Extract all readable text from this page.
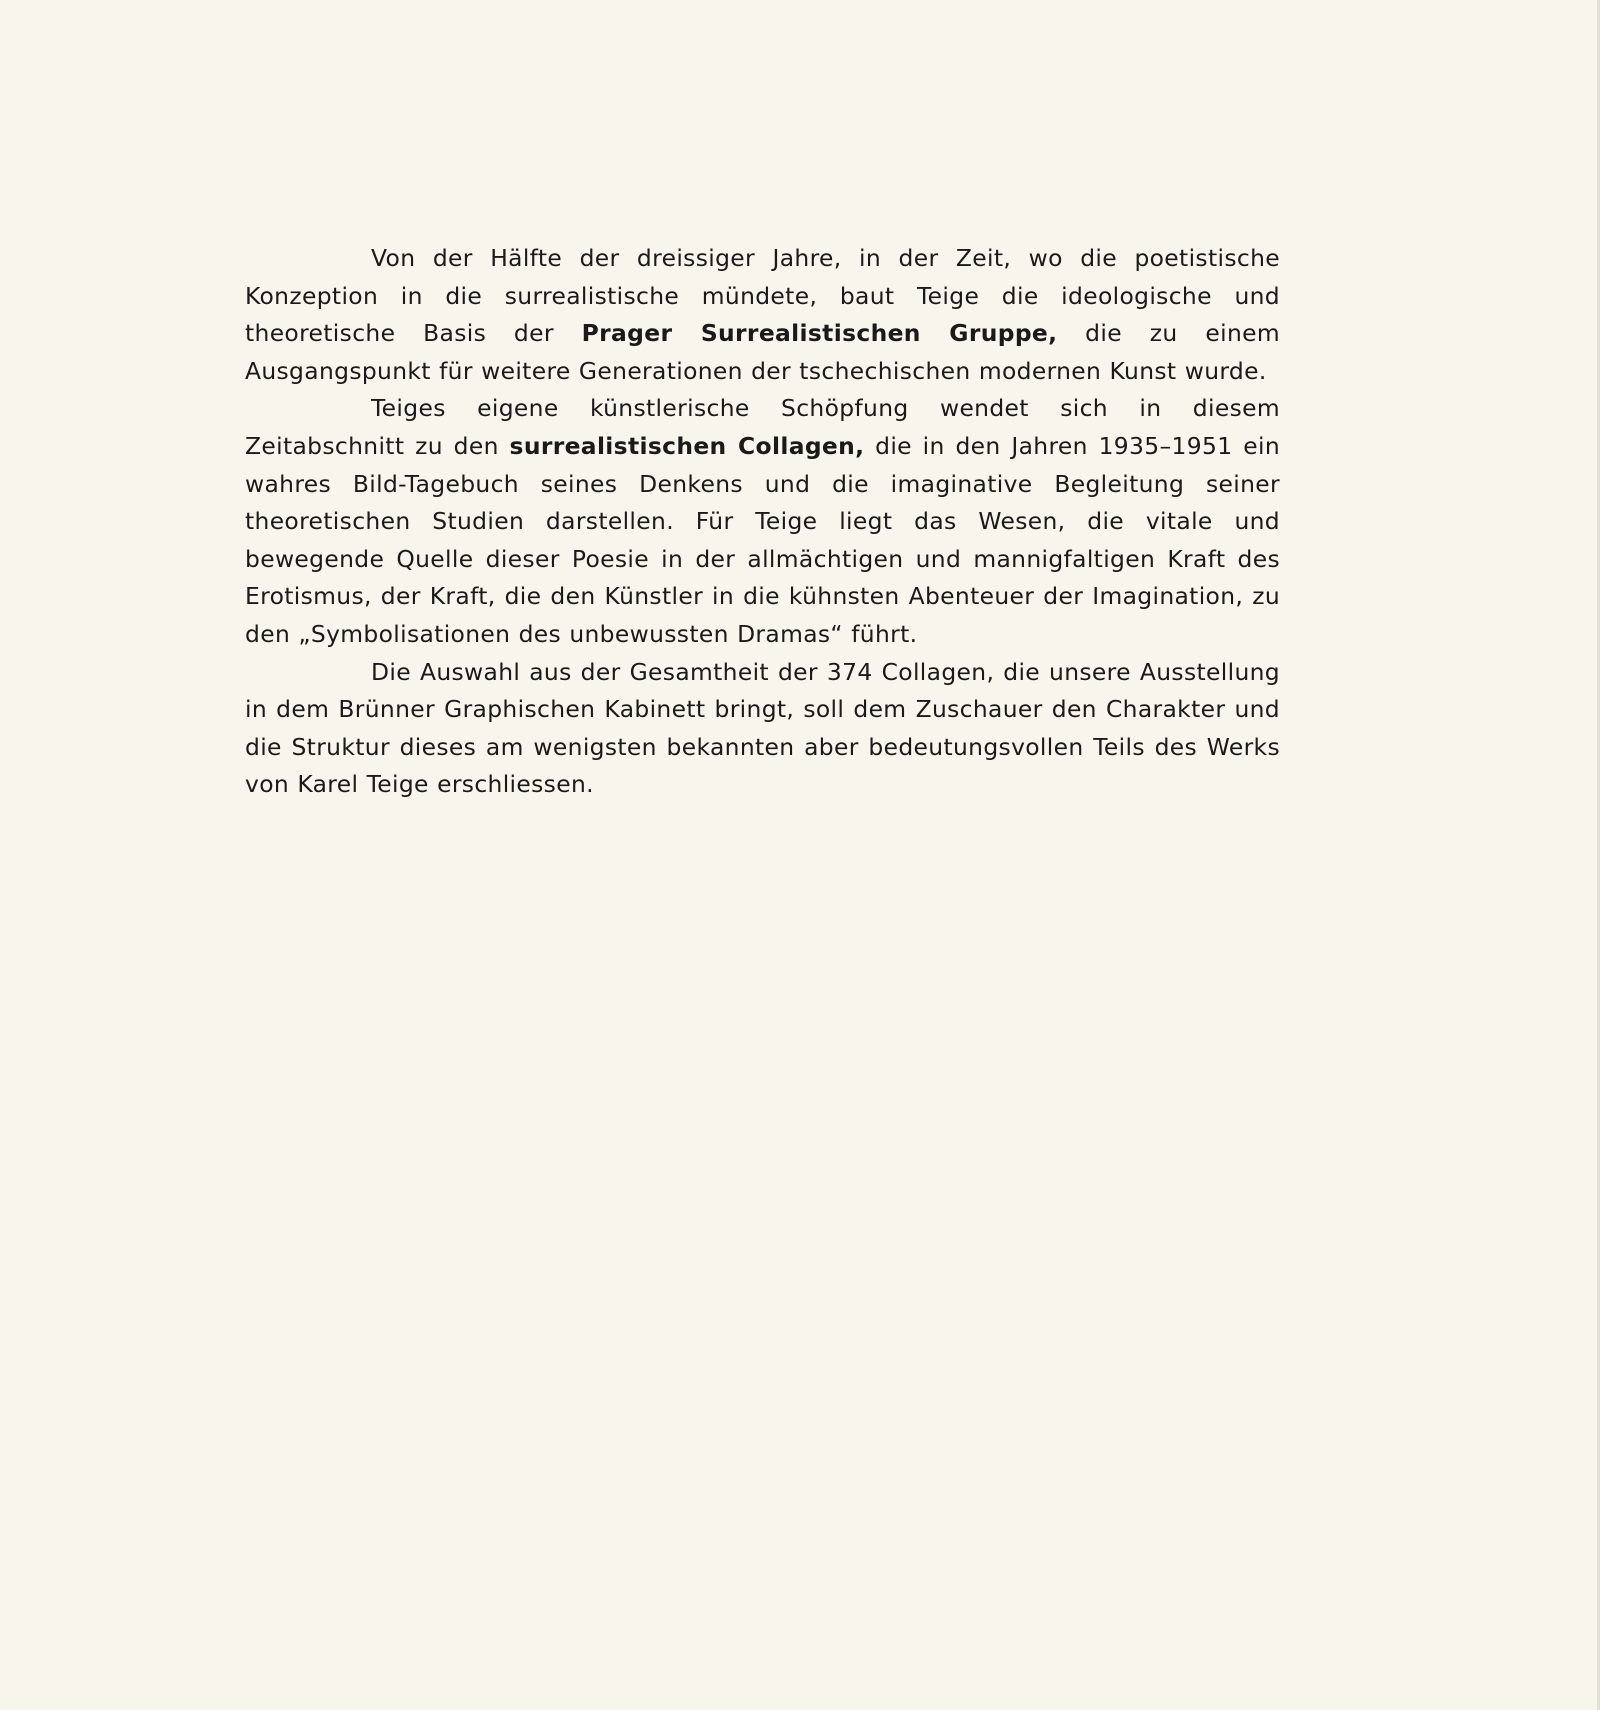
Von der Hälfte der dreissiger Jahre, in der Zeit, wo die poetistische Konzeption in die surrealistische mündete, baut Teige die ideologische und theoretische Basis der Prager Surrealistischen Gruppe, die zu einem Ausgangspunkt für weitere Generationen der tschechischen modernen Kunst wurde.

Teiges eigene künstlerische Schöpfung wendet sich in diesem Zeitabschnitt zu den surrealistischen Collagen, die in den Jahren 1935–1951 ein wahres Bild-Tagebuch seines Denkens und die imaginative Begleitung seiner theoretischen Studien darstellen. Für Teige liegt das Wesen, die vitale und bewegende Quelle dieser Poesie in der allmächtigen und mannigfaltigen Kraft des Erotismus, der Kraft, die den Künstler in die kühnsten Abenteuer der Imagination, zu den „Symbolisationen des unbewussten Dramas“ führt.

Die Auswahl aus der Gesamtheit der 374 Collagen, die unsere Ausstellung in dem Brünner Graphischen Kabinett bringt, soll dem Zuschauer den Charakter und die Struktur dieses am wenigsten bekannten aber bedeutungsvollen Teils des Werks von Karel Teige erschliessen.
